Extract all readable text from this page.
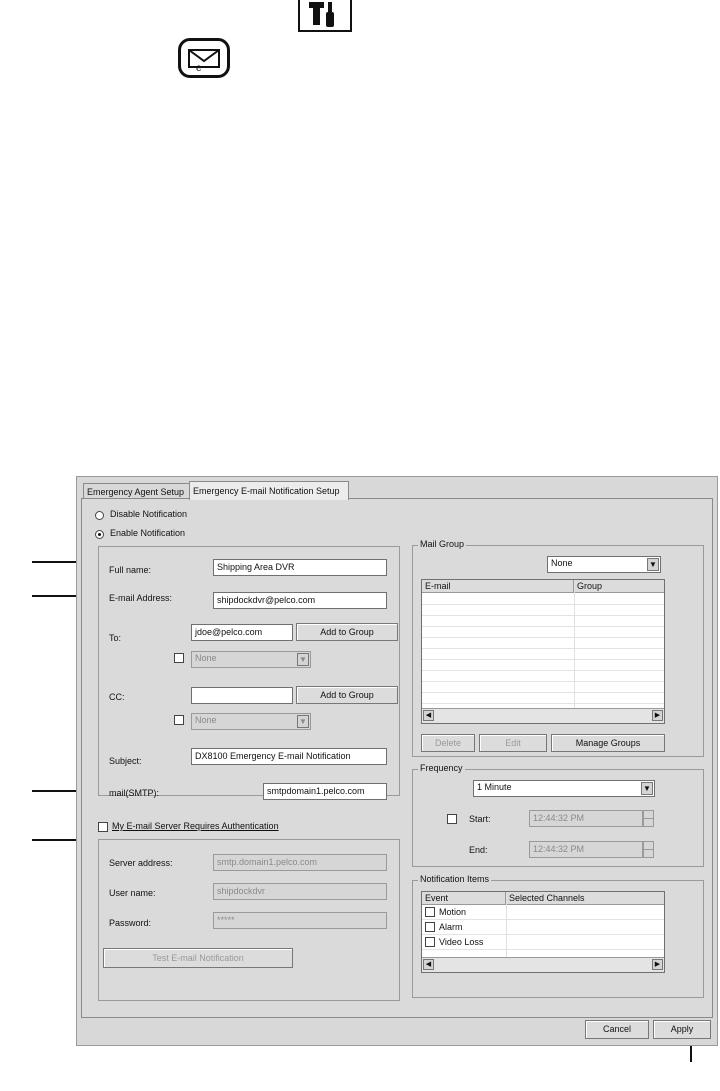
e
Emergency Agent Setup Emergency E-mail Notification Setup
Disable Notification
Enable Notification
Full name:	Shipping Area DVR
E-mail Address:	shipdockdvr@pelco.com
To:
jdoe@pelco.com	Add to Group
None	▼
CC:	Add to Group
None	▼
Subject:	DX8100 Emergency E-mail Notification
mail(SMTP):	smtpdomain1.pelco.com
My E-mail Server Requires Authentication
Server address:	smtp.domain1.pelco.com
User name:	shipdockdvr
Password:	*****
Test E-mail Notification
Mail Group
None	▼
E-mail	Group
◀	▶
Delete	Edit	Manage Groups
Frequency
1 Minute	▼
Start:	12:44:32 PM
End:	12:44:32 PM
Notification Items
Event	Selected Channels
Motion
Alarm
Video Loss
◀	▶
Cancel	Apply
